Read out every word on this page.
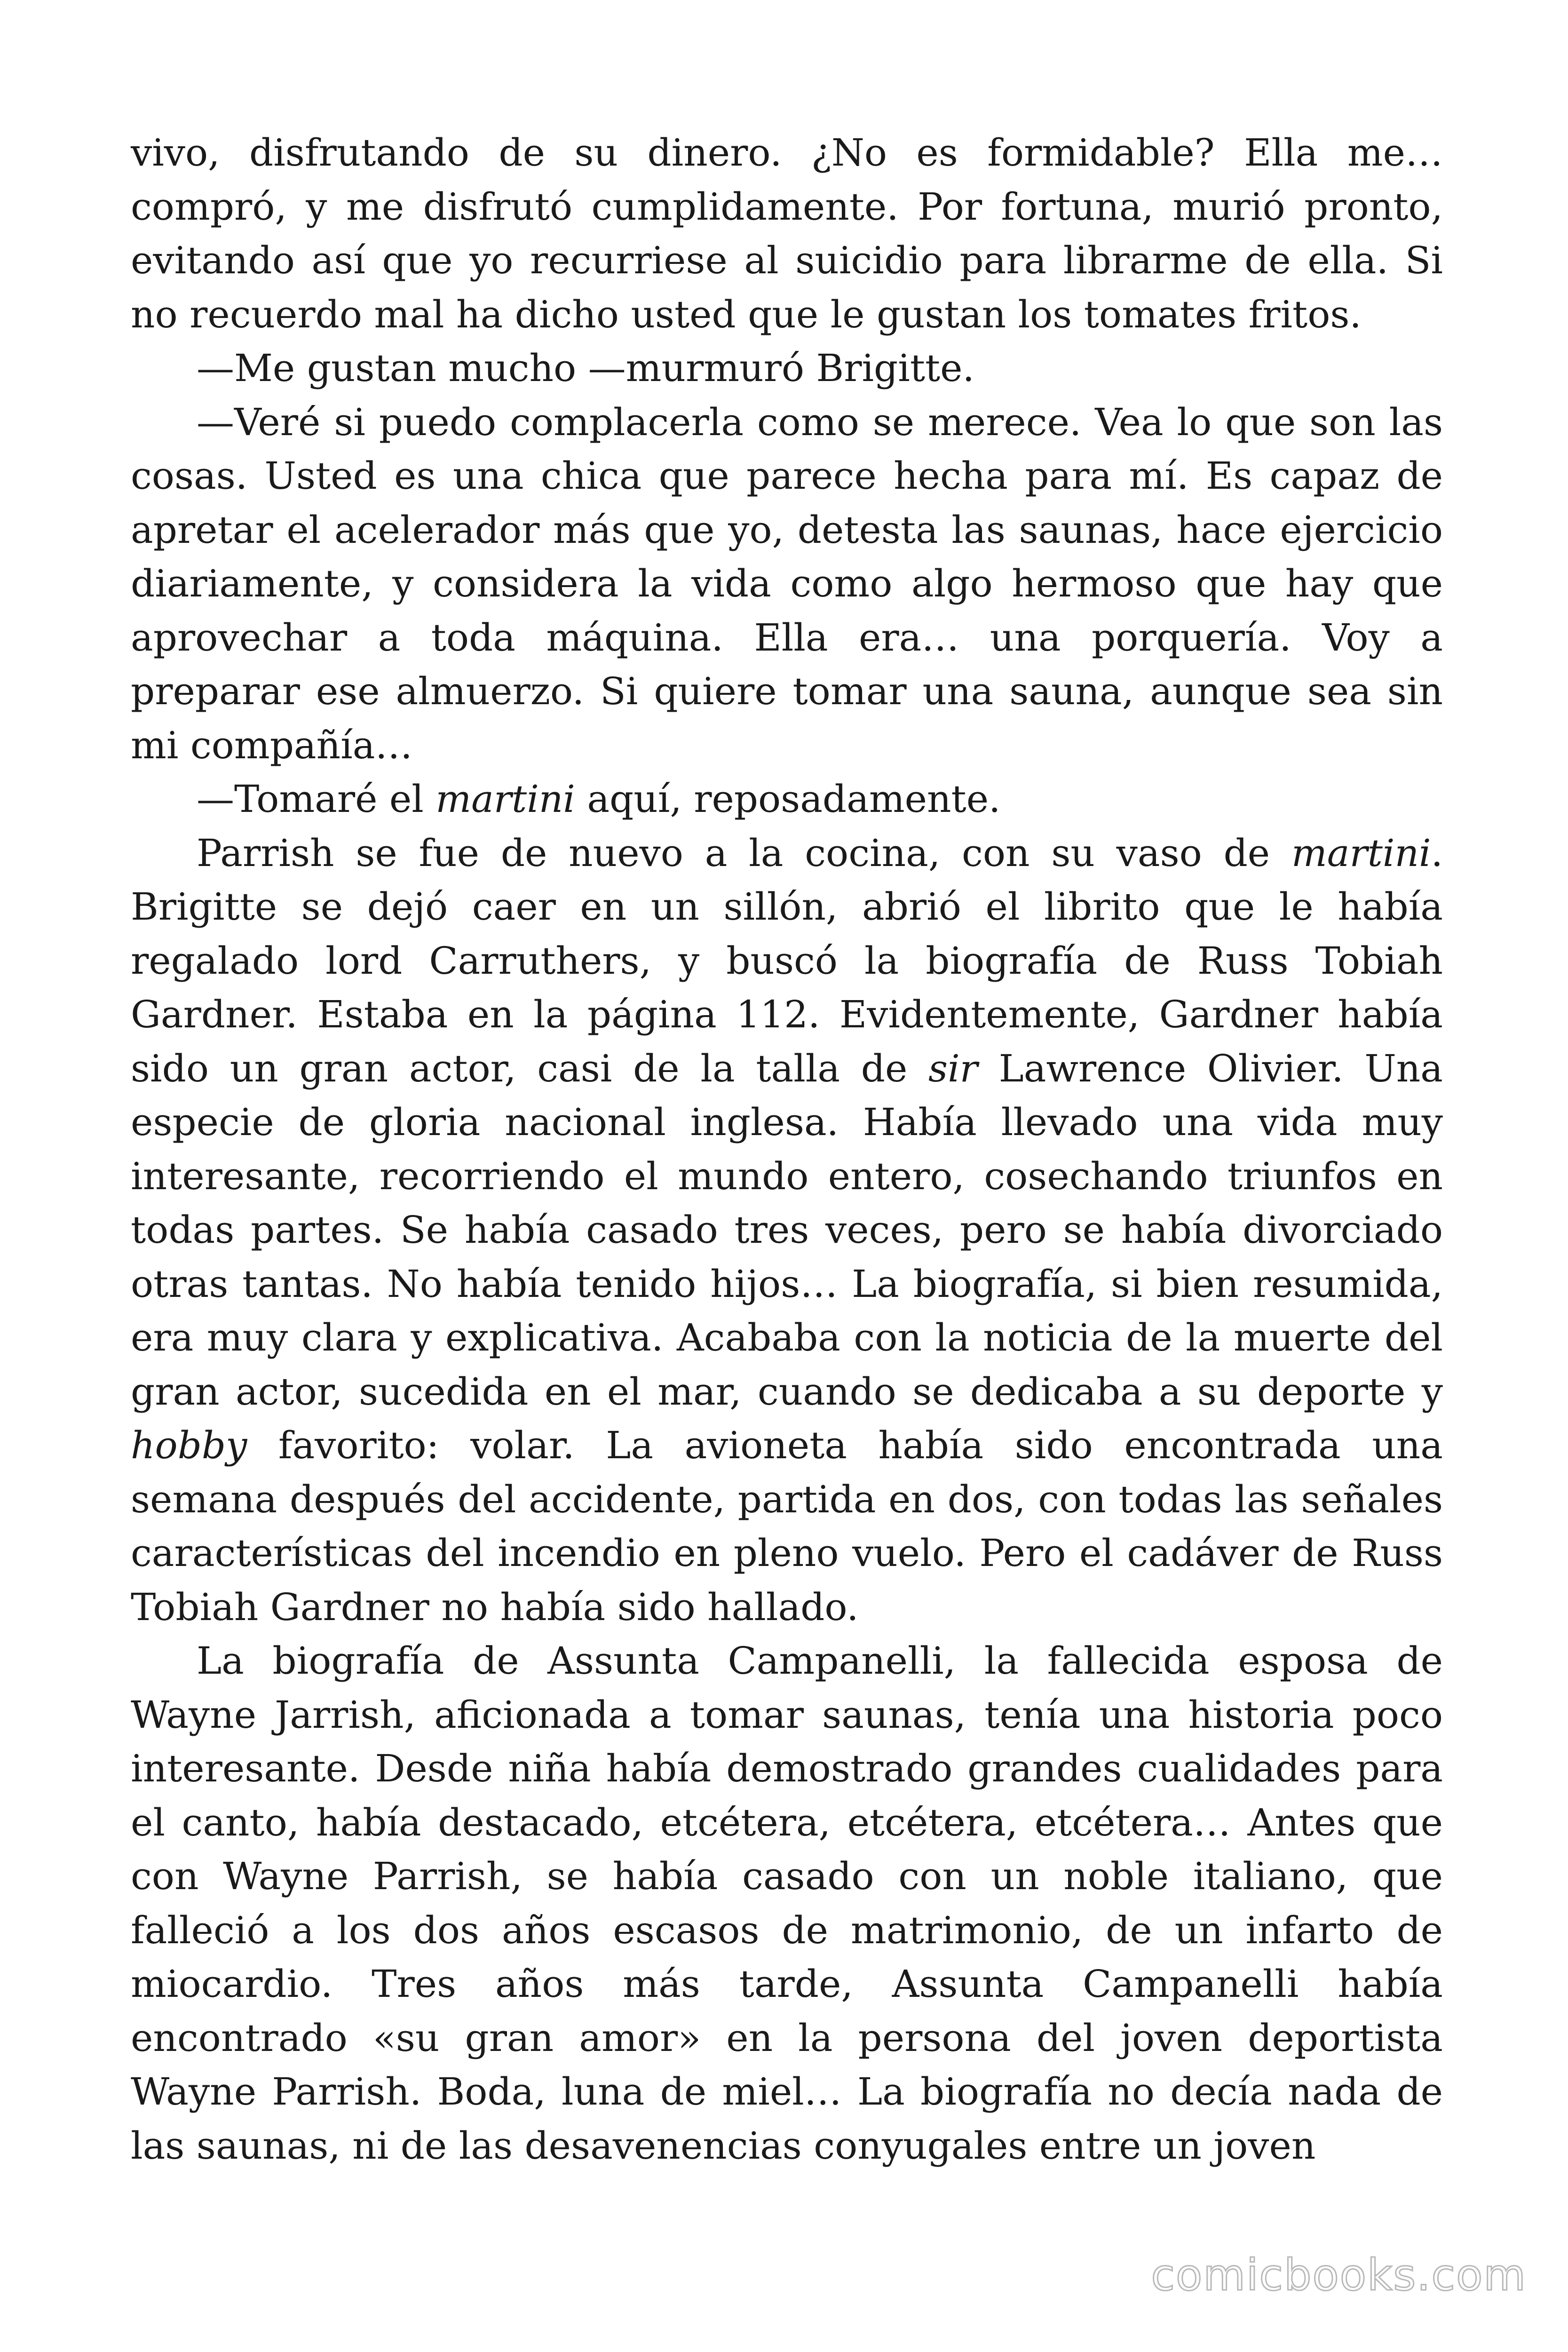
vivo, disfrutando de su dinero. ¿No es formidable? Ella me… compró, y me disfrutó cumplidamente. Por fortuna, murió pronto, evitando así que yo recurriese al suicidio para librarme de ella. Si no recuerdo mal ha dicho usted que le gustan los tomates fritos.

—Me gustan mucho —murmuró Brigitte.

—Veré si puedo complacerla como se merece. Vea lo que son las cosas. Usted es una chica que parece hecha para mí. Es capaz de apretar el acelerador más que yo, detesta las saunas, hace ejercicio diariamente, y considera la vida como algo hermoso que hay que aprovechar a toda máquina. Ella era… una porquería. Voy a preparar ese almuerzo. Si quiere tomar una sauna, aunque sea sin mi compañía…

—Tomaré el martini aquí, reposadamente.

Parrish se fue de nuevo a la cocina, con su vaso de martini. Brigitte se dejó caer en un sillón, abrió el librito que le había regalado lord Carruthers, y buscó la biografía de Russ Tobiah Gardner. Estaba en la página 112. Evidentemente, Gardner había sido un gran actor, casi de la talla de sir Lawrence Olivier. Una especie de gloria nacional inglesa. Había llevado una vida muy interesante, recorriendo el mundo entero, cosechando triunfos en todas partes. Se había casado tres veces, pero se había divorciado otras tantas. No había tenido hijos… La biografía, si bien resumida, era muy clara y explicativa. Acababa con la noticia de la muerte del gran actor, sucedida en el mar, cuando se dedicaba a su deporte y hobby favorito: volar. La avioneta había sido encontrada una semana después del accidente, partida en dos, con todas las señales características del incendio en pleno vuelo. Pero el cadáver de Russ Tobiah Gardner no había sido hallado.

La biografía de Assunta Campanelli, la fallecida esposa de Wayne Jarrish, aficionada a tomar saunas, tenía una historia poco interesante. Desde niña había demostrado grandes cualidades para el canto, había destacado, etcétera, etcétera, etcétera… Antes que con Wayne Parrish, se había casado con un noble italiano, que falleció a los dos años escasos de matrimonio, de un infarto de miocardio. Tres años más tarde, Assunta Campanelli había encontrado «su gran amor» en la persona del joven deportista Wayne Parrish. Boda, luna de miel… La biografía no decía nada de las saunas, ni de las desavenencias conyugales entre un joven

comicbooks.com
